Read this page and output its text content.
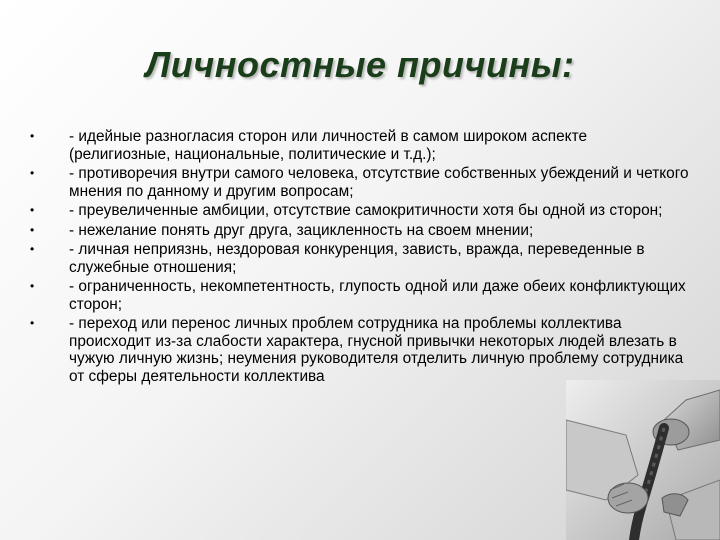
Личностные причины:
•	- идейные разногласия сторон или личностей в самом широком аспекте (религиозные, национальные, политические и т.д.);
•	- противоречия внутри самого человека, отсутствие собственных убеждений и четкого мнения по данному и другим вопросам;
•	- преувеличенные амбиции, отсутствие самокритичности хотя бы одной из сторон;
•	- нежелание понять друг друга, зацикленность на своем мнении;
•	- личная неприязнь, нездоровая конкуренция, зависть, вражда, переведенные в служебные отношения;
•	- ограниченность, некомпетентность, глупость одной или даже обеих конфликтующих сторон;
•	- переход или перенос личных проблем сотрудника на проблемы коллектива происходит из-за слабости характера, гнусной привычки некоторых людей влезать в чужую личную жизнь; неумения руководителя отделить личную проблему сотрудника от сферы деятельности коллектива
